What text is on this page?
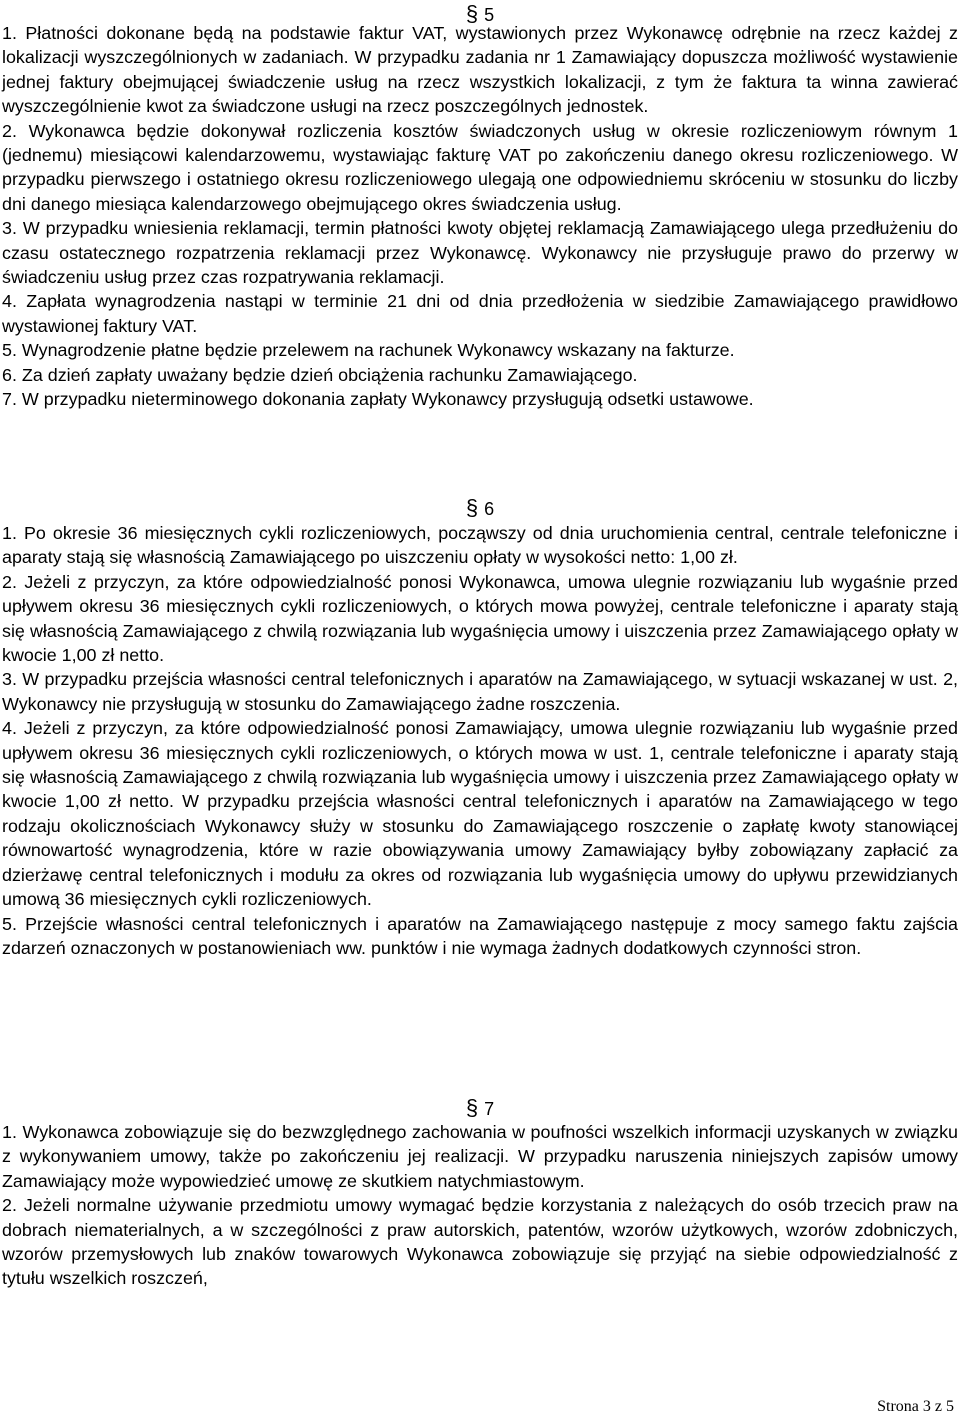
§ 5

1. Płatności dokonane będą na podstawie faktur VAT, wystawionych przez Wykonawcę odrębnie na rzecz każdej z lokalizacji wyszczególnionych w zadaniach. W przypadku zadania nr 1 Zamawiający dopuszcza możliwość wystawienie jednej faktury obejmującej świadczenie usług na rzecz wszystkich lokalizacji, z tym że faktura ta winna zawierać wyszczególnienie kwot za świadczone usługi na rzecz poszczególnych jednostek.

2. Wykonawca będzie dokonywał rozliczenia kosztów świadczonych usług w okresie rozliczeniowym równym 1 (jednemu) miesiącowi kalendarzowemu, wystawiając fakturę VAT po zakończeniu danego okresu rozliczeniowego. W przypadku pierwszego i ostatniego okresu rozliczeniowego ulegają one odpowiedniemu skróceniu w stosunku do liczby dni danego miesiąca kalendarzowego obejmującego okres świadczenia usług.

3. W przypadku wniesienia reklamacji, termin płatności kwoty objętej reklamacją Zamawiającego ulega przedłużeniu do czasu ostatecznego rozpatrzenia reklamacji przez Wykonawcę. Wykonawcy nie przysługuje prawo do przerwy w świadczeniu usług przez czas rozpatrywania reklamacji.

4. Zapłata wynagrodzenia nastąpi w terminie 21 dni od dnia przedłożenia w siedzibie Zamawiającego prawidłowo wystawionej faktury VAT.

5. Wynagrodzenie płatne będzie przelewem na rachunek Wykonawcy wskazany na fakturze.

6. Za dzień zapłaty uważany będzie dzień obciążenia rachunku Zamawiającego.

7. W przypadku nieterminowego dokonania zapłaty Wykonawcy przysługują odsetki ustawowe.

§ 6

1. Po okresie 36 miesięcznych cykli rozliczeniowych, począwszy od dnia uruchomienia central, centrale telefoniczne i aparaty stają się własnością Zamawiającego po uiszczeniu opłaty w wysokości netto: 1,00 zł.

2. Jeżeli z przyczyn, za które odpowiedzialność ponosi Wykonawca, umowa ulegnie rozwiązaniu lub wygaśnie przed upływem okresu 36 miesięcznych cykli rozliczeniowych, o których mowa powyżej, centrale telefoniczne i aparaty stają się własnością Zamawiającego z chwilą rozwiązania lub wygaśnięcia umowy i uiszczenia przez Zamawiającego opłaty w kwocie 1,00 zł netto.

3. W przypadku przejścia własności central telefonicznych i aparatów na Zamawiającego, w sytuacji wskazanej w ust. 2, Wykonawcy nie przysługują w stosunku do Zamawiającego żadne roszczenia.

4. Jeżeli z przyczyn, za które odpowiedzialność ponosi Zamawiający, umowa ulegnie rozwiązaniu lub wygaśnie przed upływem okresu 36 miesięcznych cykli rozliczeniowych, o których mowa w ust. 1, centrale telefoniczne i aparaty stają się własnością Zamawiającego z chwilą rozwiązania lub wygaśnięcia umowy i uiszczenia przez Zamawiającego opłaty w kwocie 1,00 zł netto. W przypadku przejścia własności central telefonicznych i aparatów na Zamawiającego w tego rodzaju okolicznościach Wykonawcy służy w stosunku do Zamawiającego roszczenie o zapłatę kwoty stanowiącej równowartość wynagrodzenia, które w razie obowiązywania umowy Zamawiający byłby zobowiązany zapłacić za dzierżawę central telefonicznych i modułu za okres od rozwiązania lub wygaśnięcia umowy do upływu przewidzianych umową 36 miesięcznych cykli rozliczeniowych.

5. Przejście własności central telefonicznych i aparatów na Zamawiającego następuje z mocy samego faktu zajścia zdarzeń oznaczonych w postanowieniach ww. punktów i nie wymaga żadnych dodatkowych czynności stron.

§ 7

1. Wykonawca zobowiązuje się do bezwzględnego zachowania w poufności wszelkich informacji uzyskanych w związku z wykonywaniem umowy, także po zakończeniu jej realizacji. W przypadku naruszenia niniejszych zapisów umowy Zamawiający może wypowiedzieć umowę ze skutkiem natychmiastowym.

2. Jeżeli normalne używanie przedmiotu umowy wymagać będzie korzystania z należących do osób trzecich praw na dobrach niematerialnych, a w szczególności z praw autorskich, patentów, wzorów użytkowych, wzorów zdobniczych, wzorów przemysłowych lub znaków towarowych Wykonawca zobowiązuje się przyjąć na siebie odpowiedzialność z tytułu wszelkich roszczeń,

Strona 3 z 5
